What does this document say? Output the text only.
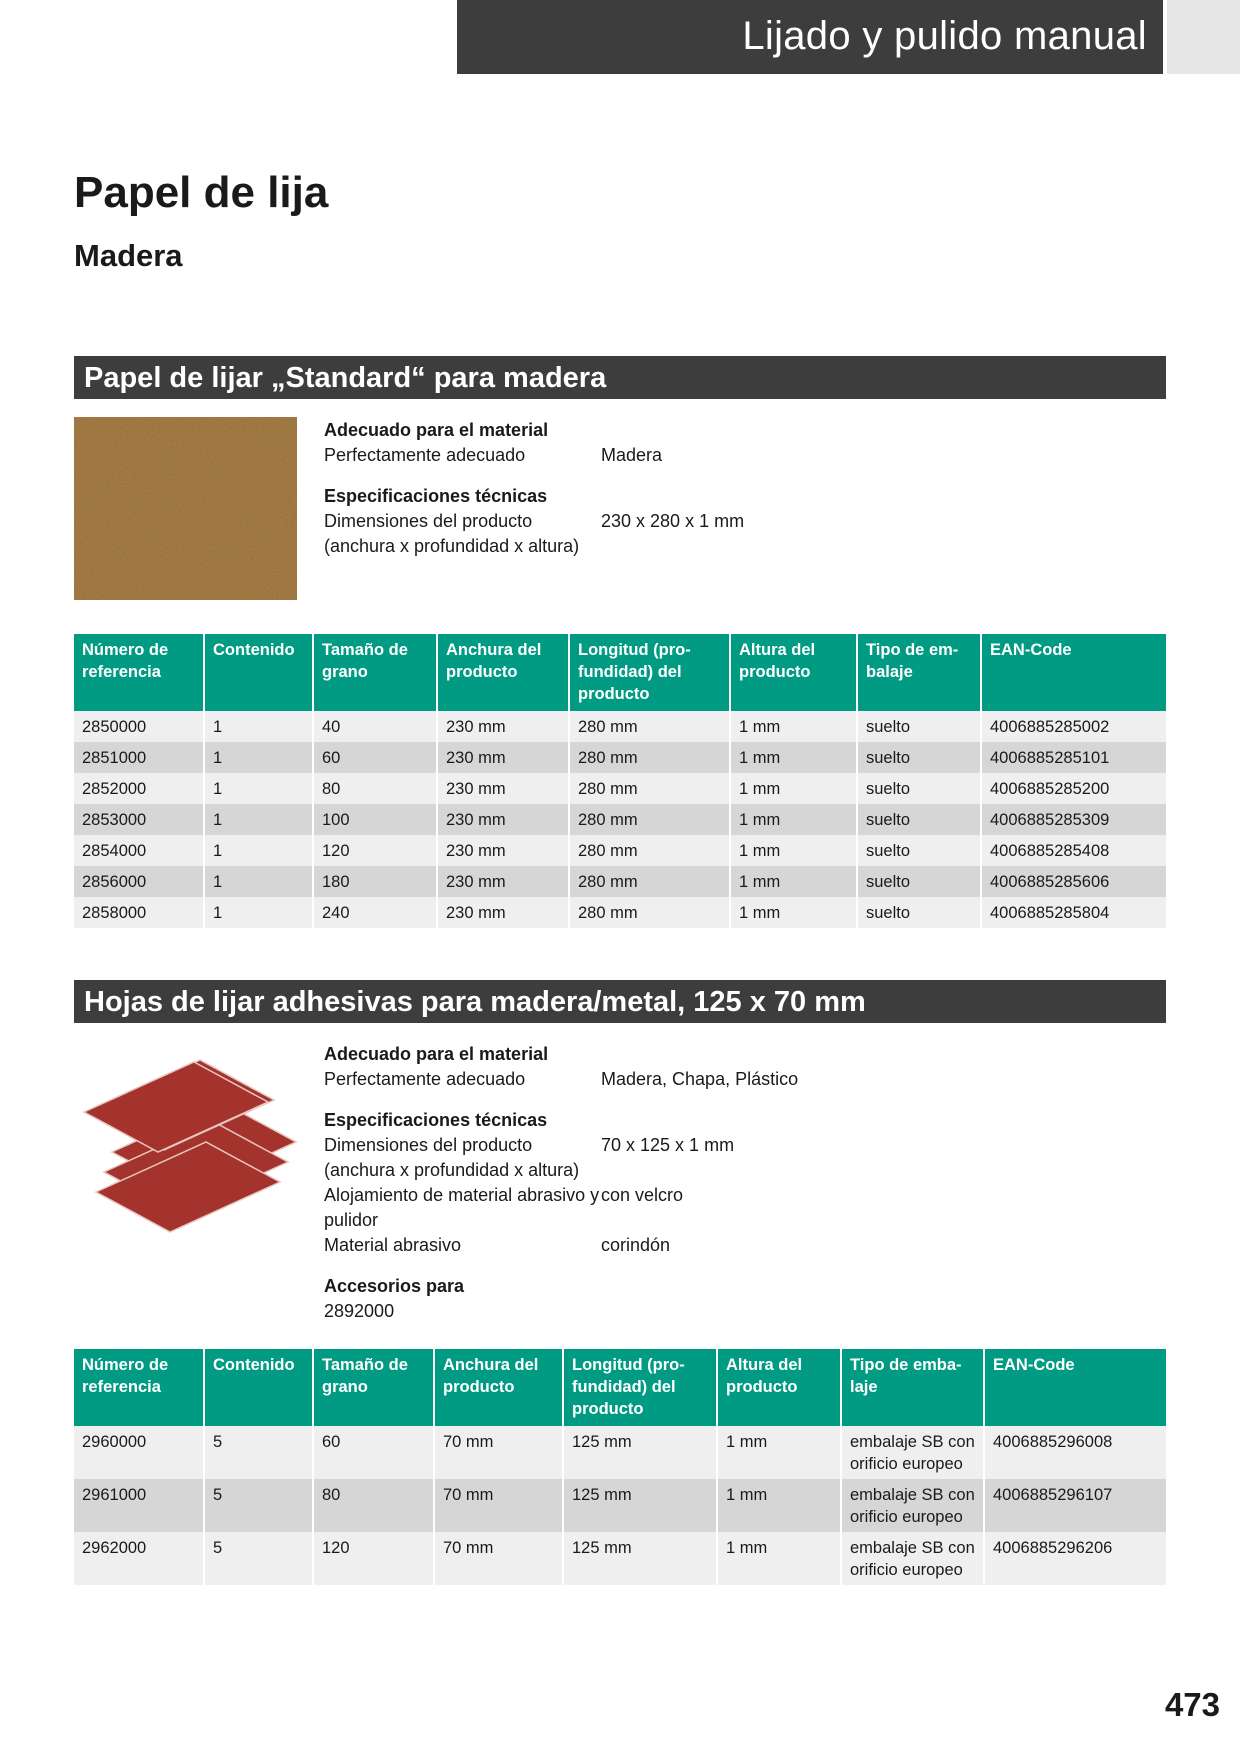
Lijado y pulido manual
Papel de lija
Madera
Papel de lijar „Standard“ para madera
Adecuado para el material
Perfectamente adecuado	Madera
Especificaciones técnicas
Dimensiones del producto (anchura x profundidad x altura)
230 x 280 x 1 mm
Número de referencia	Contenido	Tamaño de grano	Anchura del producto	Longitud (pro-fundidad) del producto	Altura del producto	Tipo de em-balaje	EAN-Code
2850000	1	40	230 mm	280 mm	1 mm	suelto	4006885285002
2851000	1	60	230 mm	280 mm	1 mm	suelto	4006885285101
2852000	1	80	230 mm	280 mm	1 mm	suelto	4006885285200
2853000	1	100	230 mm	280 mm	1 mm	suelto	4006885285309
2854000	1	120	230 mm	280 mm	1 mm	suelto	4006885285408
2856000	1	180	230 mm	280 mm	1 mm	suelto	4006885285606
2858000	1	240	230 mm	280 mm	1 mm	suelto	4006885285804
Hojas de lijar adhesivas para madera/metal, 125 x 70 mm
Adecuado para el material
Perfectamente adecuado	Madera, Chapa, Plástico
Especificaciones técnicas
Dimensiones del producto (anchura x profundidad x altura)
70 x 125 x 1 mm
Alojamiento de material abrasivo y pulidor
con velcro
Material abrasivo	corindón
Accesorios para
2892000
Número de referencia	Contenido	Tamaño de grano	Anchura del producto	Longitud (pro-fundidad) del producto	Altura del producto	Tipo de emba-laje	EAN-Code
2960000	5	60	70 mm	125 mm	1 mm	embalaje SB con orificio europeo	4006885296008
2961000	5	80	70 mm	125 mm	1 mm	embalaje SB con orificio europeo	4006885296107
2962000	5	120	70 mm	125 mm	1 mm	embalaje SB con orificio europeo	4006885296206
473
